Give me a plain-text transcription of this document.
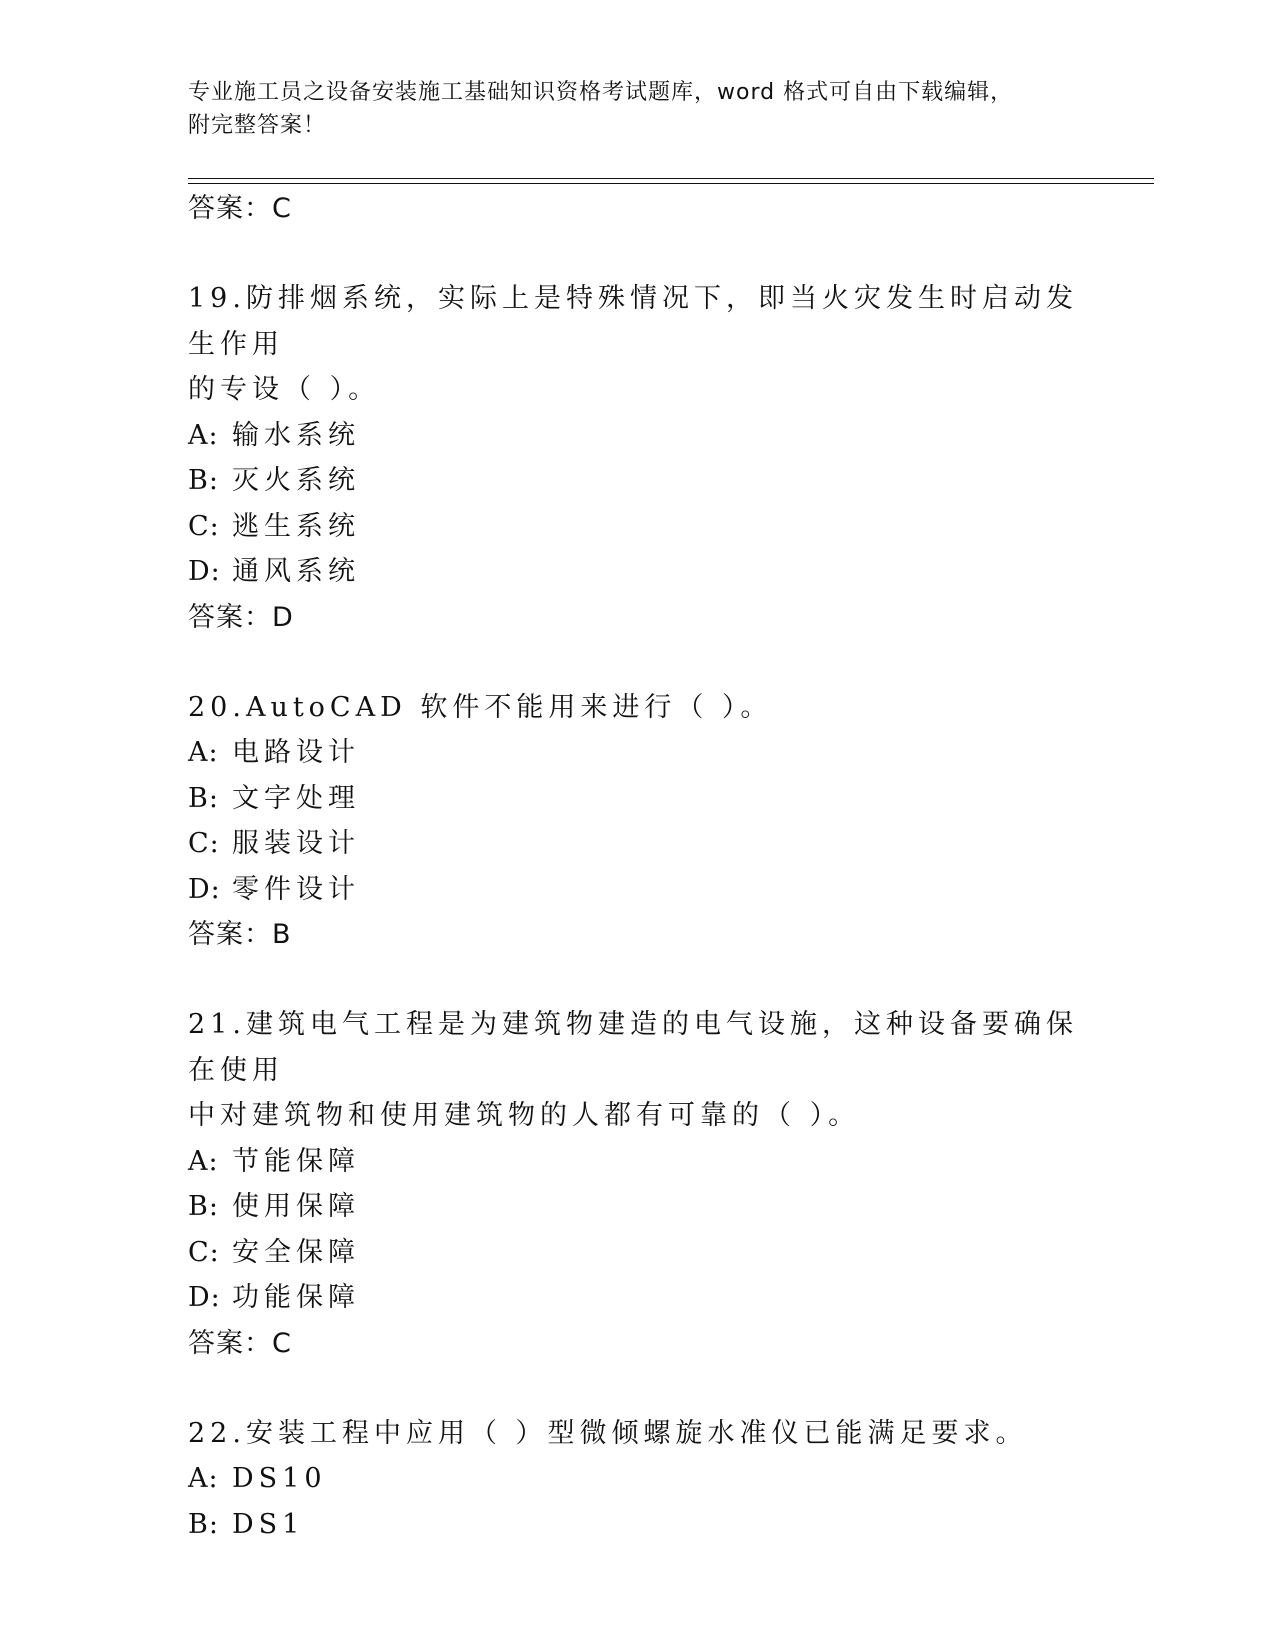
专业施工员之设备安装施工基础知识资格考试题库，word 格式可自由下载编辑，
附完整答案！
答案：C
19.防排烟系统，实际上是特殊情况下，即当火灾发生时启动发生作用
的专设（ ）。
A: 输水系统
B: 灭火系统
C: 逃生系统
D: 通风系统
答案：D
20.AutoCAD 软件不能用来进行（ ）。
A: 电路设计
B: 文字处理
C: 服装设计
D: 零件设计
答案：B
21.建筑电气工程是为建筑物建造的电气设施，这种设备要确保在使用
中对建筑物和使用建筑物的人都有可靠的（ ）。
A: 节能保障
B: 使用保障
C: 安全保障
D: 功能保障
答案：C
22.安装工程中应用（ ）型微倾螺旋水准仪已能满足要求。
A: DS10
B: DS1
